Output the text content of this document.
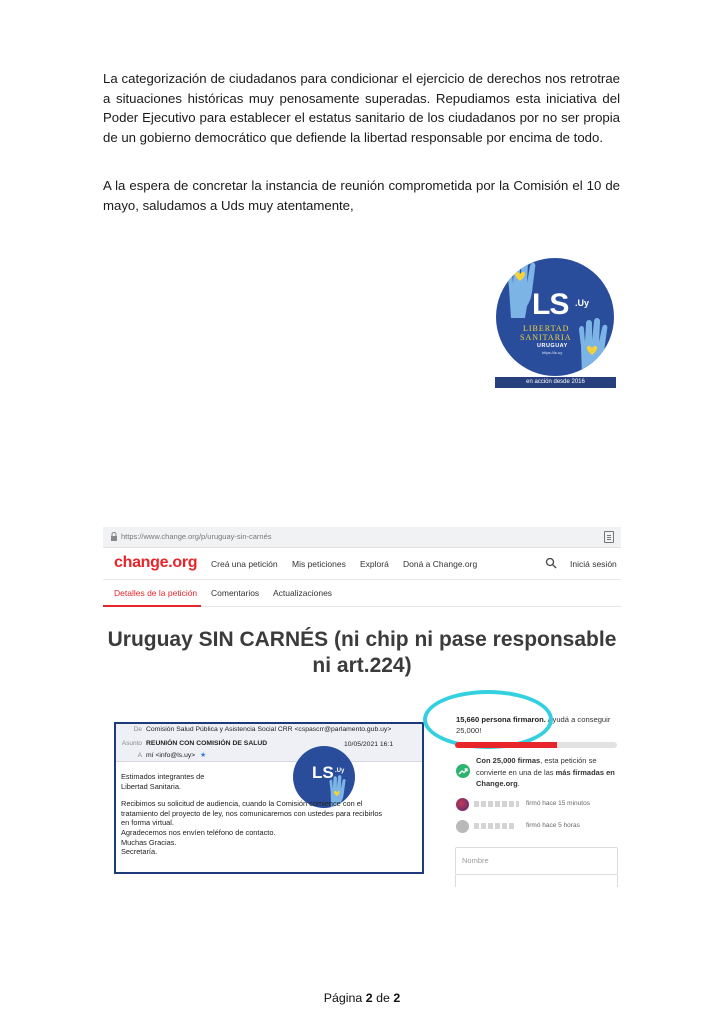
La categorización de ciudadanos para condicionar el ejercicio de derechos nos retrotrae a situaciones históricas muy penosamente superadas. Repudiamos esta iniciativa del Poder Ejecutivo para establecer el estatus sanitario de los ciudadanos por no ser propia de un gobierno democrático que defiende la libertad responsable por encima de todo.

A la espera de concretar la instancia de reunión comprometida por la Comisión el 10 de mayo, saludamos a Uds muy atentamente,

LS .Uy
LIBERTAD
SANITARIA
URUGUAY
https://ls.uy
en acción desde 2016
https://www.change.org/p/uruguay-sin-carnés
change.org Creá una petición Mis peticiones Explorá Doná a Change.org	Iniciá sesión
Detalles de la petición Comentarios Actualizaciones
Uruguay SIN CARNÉS (ni chip ni pase responsable
ni art.224)
De Comisión Salud Pública y Asistencia Social CRR <cspascrr@parlamento.gub.uy>
Asunto REUNIÓN CON COMISIÓN DE SALUD	10/05/2021 16:1
A mí <info@ls.uy> ★
LS .Uy

Estimados integrantes de

Libertad Sanitaria.

Recibimos su solicitud de audiencia, cuando la Comisión comience con el

tratamiento del proyecto de ley, nos comunicaremos con ustedes para recibirlos

en forma virtual.

Agradecemos nos envíen teléfono de contacto.

Muchas Gracias.

Secretaría.

15,660 persona firmaron. Ayudá a conseguir 25,000!
Con 25,000 firmas, esta petición se convierte en una de las más firmadas en Change.org.
firmó hace 15 minutos
firmó hace 5 horas
Nombre
Página 2 de 2
